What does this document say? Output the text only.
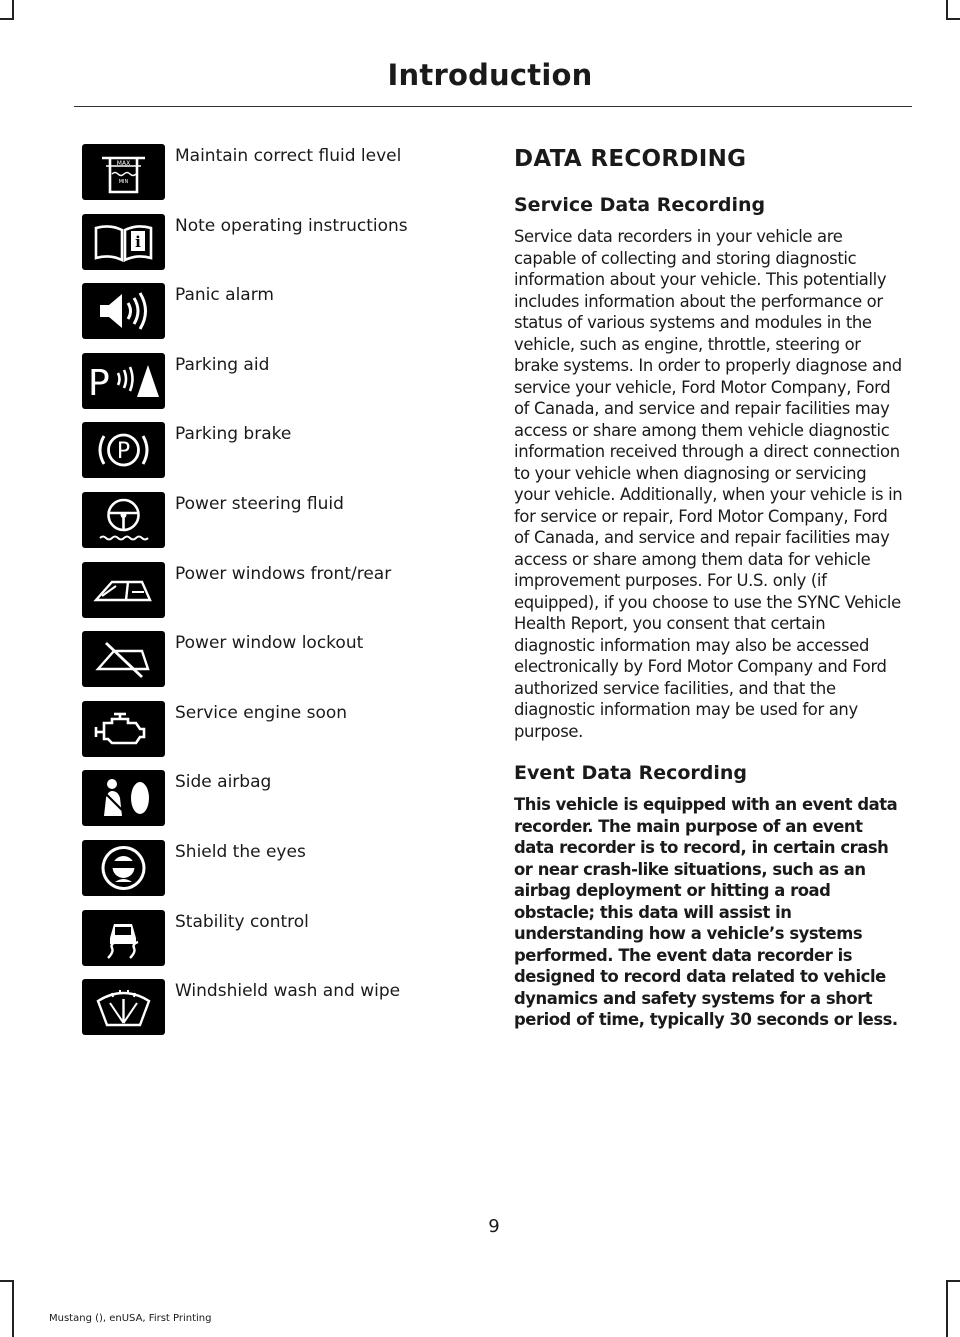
Introduction
MAX
MIN
Maintain correct fluid level
i
Note operating instructions
Panic alarm
P	Parking aid
P
Parking brake
Power steering fluid
Power windows front/rear
Power window lockout
Service engine soon
Side airbag
Shield the eyes
Stability control
Windshield wash and wipe
DATA RECORDING
Service Data Recording

Service data recorders in your vehicle are capable of collecting and storing diagnostic information about your vehicle. This potentially includes information about the performance or status of various systems and modules in the vehicle, such as engine, throttle, steering or brake systems. In order to properly diagnose and service your vehicle, Ford Motor Company, Ford of Canada, and service and repair facilities may access or share among them vehicle diagnostic information received through a direct connection to your vehicle when diagnosing or servicing your vehicle. Additionally, when your vehicle is in for service or repair, Ford Motor Company, Ford of Canada, and service and repair facilities may access or share among them data for vehicle improvement purposes. For U.S. only (if equipped), if you choose to use the SYNC Vehicle Health Report, you consent that certain diagnostic information may also be accessed electronically by Ford Motor Company and Ford authorized service facilities, and that the diagnostic information may be used for any purpose.

Event Data Recording

This vehicle is equipped with an event data recorder. The main purpose of an event data recorder is to record, in certain crash or near crash-like situations, such as an airbag deployment or hitting a road obstacle; this data will assist in understanding how a vehicle’s systems performed. The event data recorder is designed to record data related to vehicle dynamics and safety systems for a short period of time, typically 30 seconds or less.

9
Mustang (), enUSA, First Printing
